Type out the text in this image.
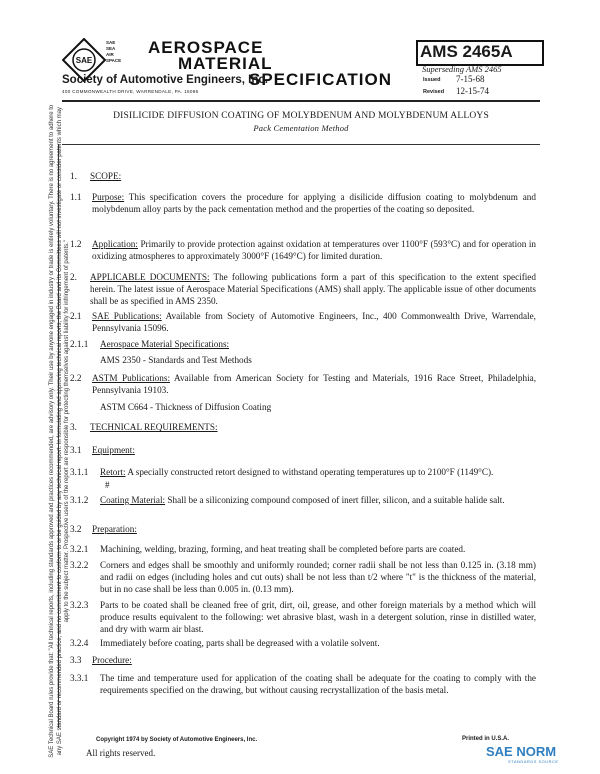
SAE
SAE
SEA
AIR
SPACE
AEROSPACE
MATERIAL
SPECIFICATION
Society of Automotive Engineers, Inc.
400 COMMONWEALTH DRIVE, WARRENDALE, PA. 15096
AMS 2465A
Superseding AMS 2465
Issued 7-15-68
Revised 12-15-74
DISILICIDE DIFFUSION COATING OF MOLYBDENUM AND MOLYBDENUM ALLOYS
Pack Cementation Method
SAE Technical Board rules provide that: "All technical reports, including standards approved and practices recommended, are advisory only. Their use by anyone engaged in industry or trade is entirely voluntary. There is no agreement to adhere to any SAE standard or recommended practice, and no commitment to conform to or be guided by any technical report. In formulating and approving technical reports, the Board and its Committees will not investigate or consider patents which may apply to the subject matter. Prospective users of the report are responsible for protecting themselves against liability for infringement of patents."
1. SCOPE:
1.1 Purpose: This specification covers the procedure for applying a disilicide diffusion coating to molybdenum and molybdenum alloy parts by the pack cementation method and the properties of the coating so deposited.
1.2 Application: Primarily to provide protection against oxidation at temperatures over 1100°F (593°C) and for operation in oxidizing atmospheres to approximately 3000°F (1649°C) for limited duration.
2. APPLICABLE DOCUMENTS: The following publications form a part of this specification to the extent specified herein. The latest issue of Aerospace Material Specifications (AMS) shall apply. The applicable issue of other documents shall be as specified in AMS 2350.
2.1 SAE Publications: Available from Society of Automotive Engineers, Inc., 400 Commonwealth Drive, Warrendale, Pennsylvania 15096.
2.1.1 Aerospace Material Specifications:
AMS 2350 - Standards and Test Methods
2.2 ASTM Publications: Available from American Society for Testing and Materials, 1916 Race Street, Philadelphia, Pennsylvania 19103.
ASTM C664 - Thickness of Diffusion Coating
3. TECHNICAL REQUIREMENTS:
3.1 Equipment:
3.1.1 Retort: A specially constructed retort designed to withstand operating temperatures up to 2100°F (1149°C).
#
3.1.2 Coating Material: Shall be a siliconizing compound composed of inert filler, silicon, and a suitable halide salt.
3.2 Preparation:
3.2.1 Machining, welding, brazing, forming, and heat treating shall be completed before parts are coated.
3.2.2 Corners and edges shall be smoothly and uniformly rounded; corner radii shall be not less than 0.125 in. (3.18 mm) and radii on edges (including holes and cut outs) shall be not less than t/2 where "t" is the thickness of the material, but in no case shall be less than 0.005 in. (0.13 mm).
3.2.3 Parts to be coated shall be cleaned free of grit, dirt, oil, grease, and other foreign materials by a method which will produce results equivalent to the following: wet abrasive blast, wash in a detergent solution, rinse in distilled water, and dry with warm air blast.
3.2.4 Immediately before coating, parts shall be degreased with a volatile solvent.
3.3 Procedure:
3.3.1 The time and temperature used for application of the coating shall be adequate for the coating to comply with the requirements specified on the drawing, but without causing recrystallization of the basis metal.
Copyright 1974 by Society of Automotive Engineers, Inc.
All rights reserved.
Printed in U.S.A.
SAE NORM
STANDARDS SOURCE
